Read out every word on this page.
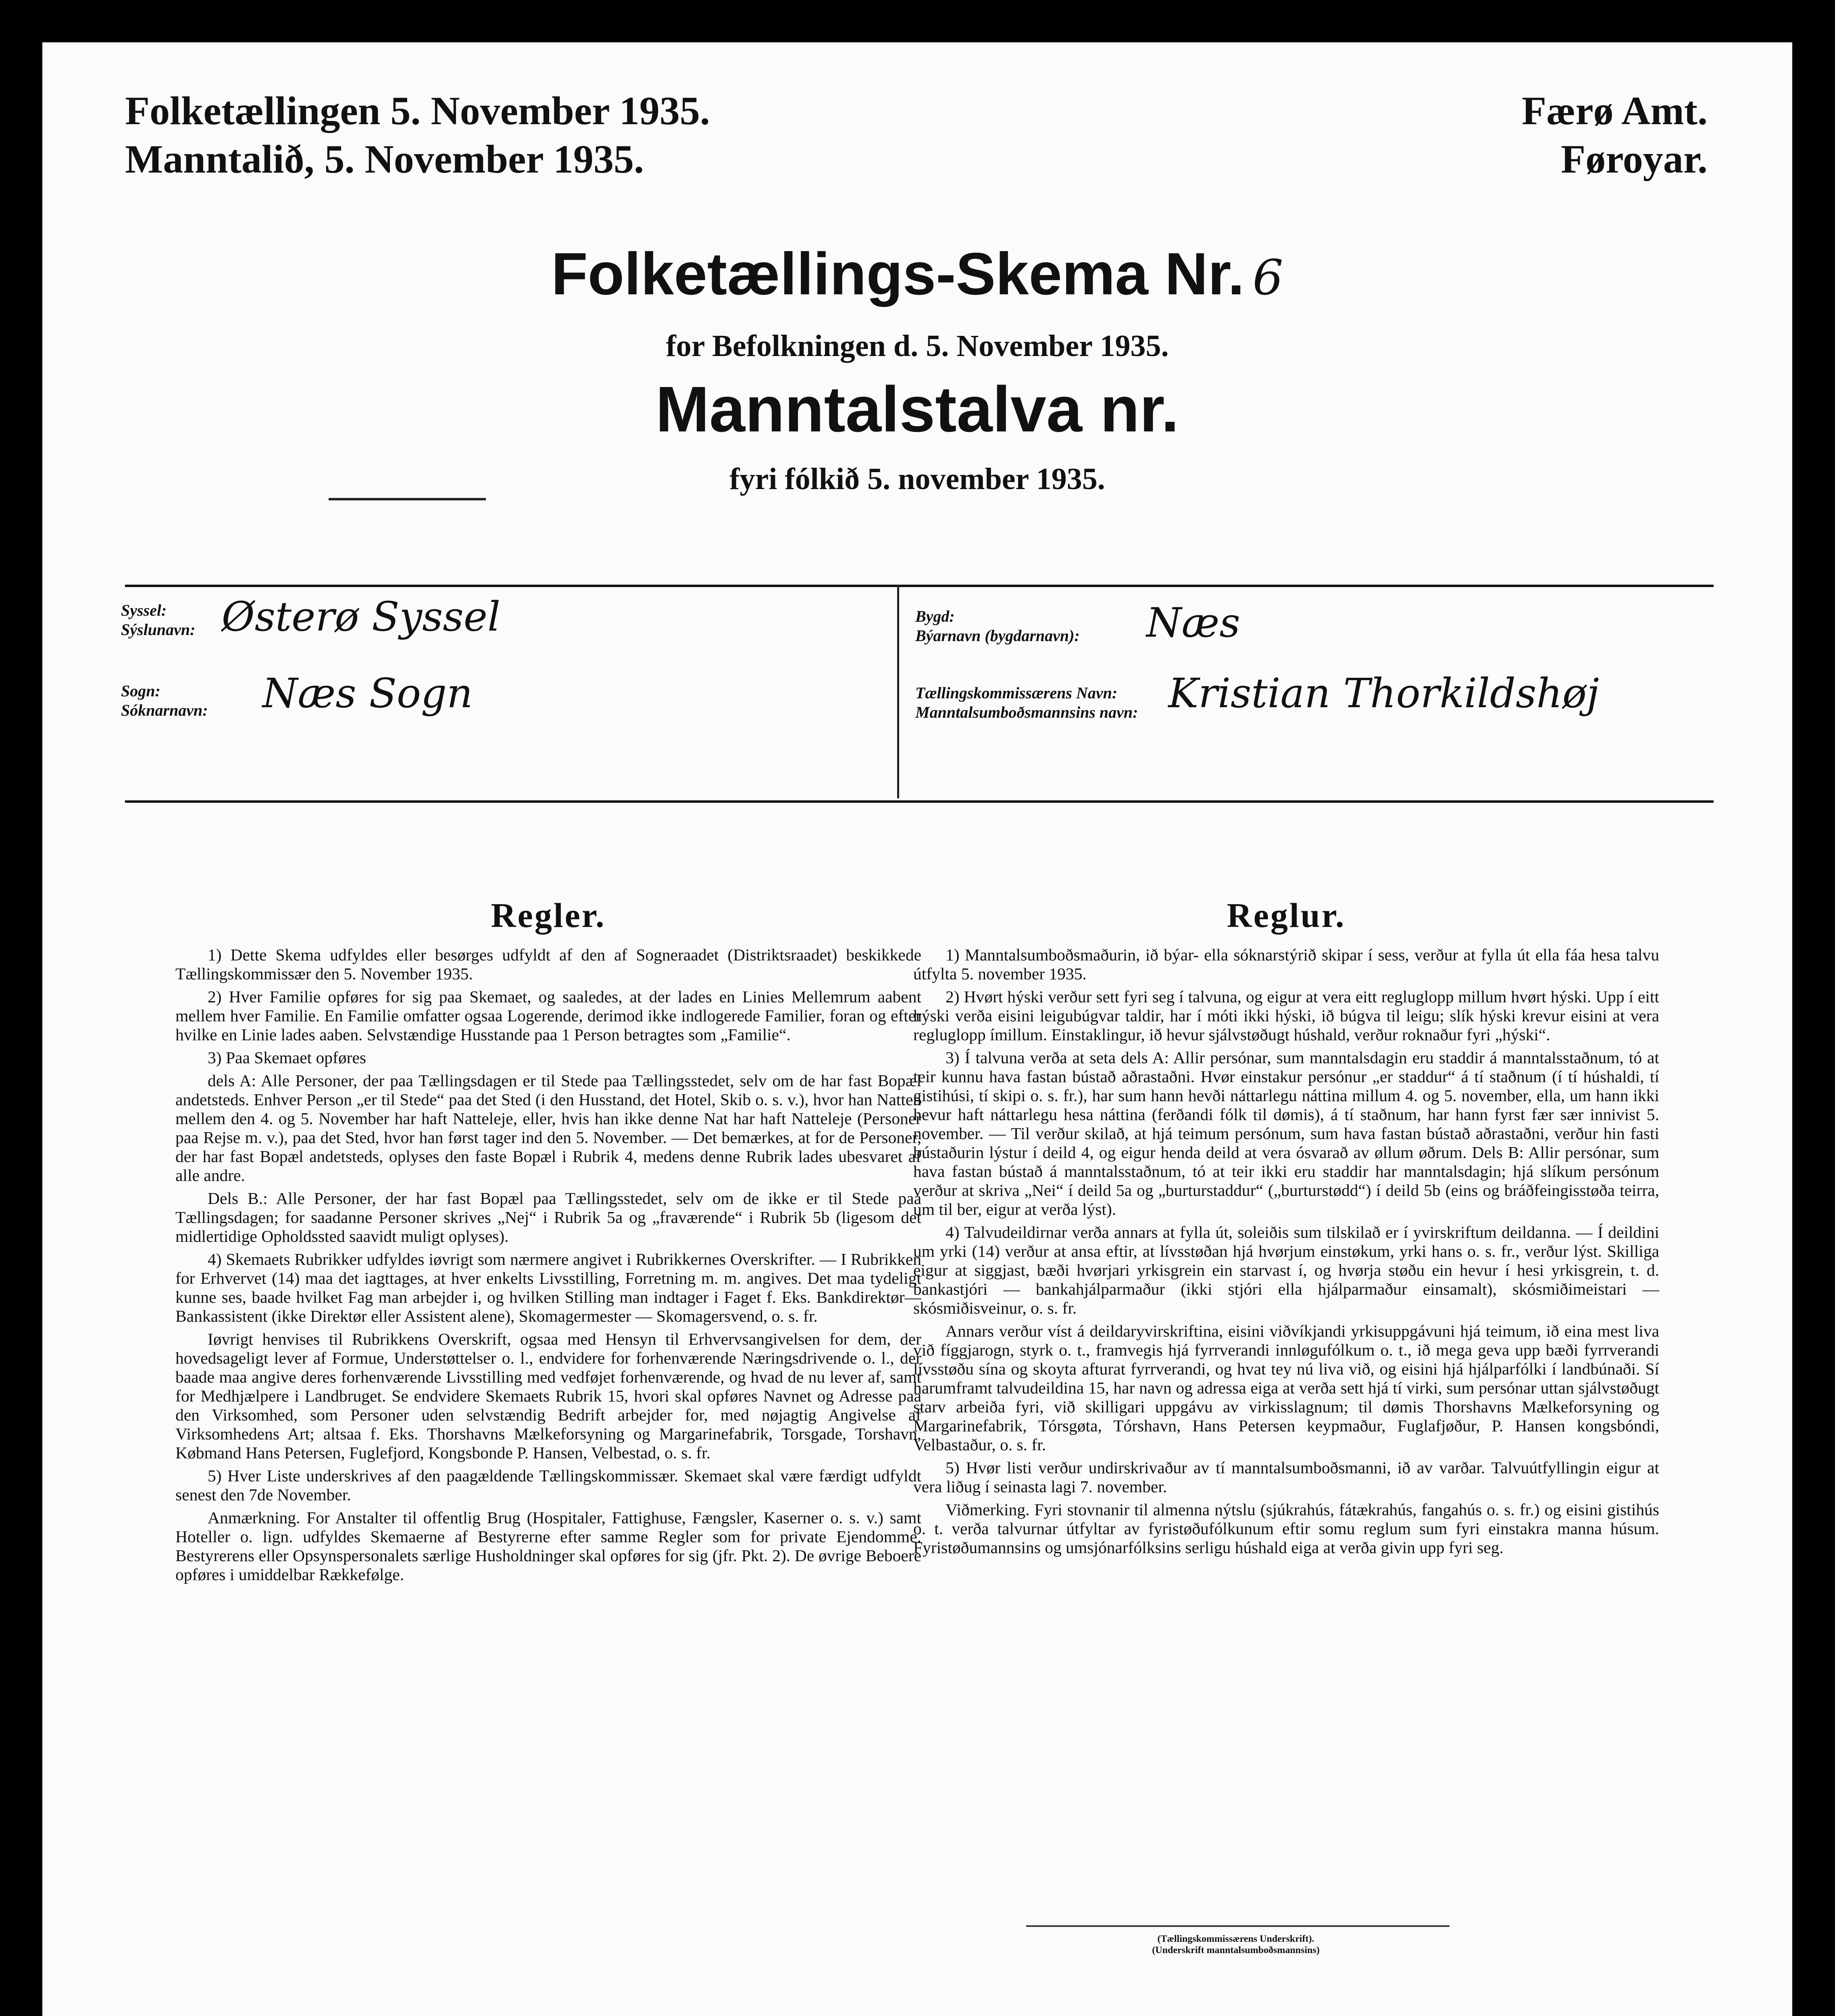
Folketællingen 5. November 1935.
Manntalið, 5. November 1935.
Færø Amt.
Føroyar.
Folketællings-Skema Nr. 6
for Befolkningen d. 5. November 1935.
Manntalstalva nr.
fyri fólkið 5. november 1935.
Syssel:
Sýslunavn: Østerø Syssel
Sogn:
Sóknarnavn: Næs Sogn
Bygd:
Býarnavn (bygdarnavn): Næs
Tællingskommissærens Navn:
Manntalsumboðsmannsins navn: Kristian Thorkildshøj
Regler.

1) Dette Skema udfyldes eller besørges udfyldt af den af Sogneraadet (Distriktsraadet) beskikkede Tællingskommissær den 5. November 1935.

2) Hver Familie opføres for sig paa Skemaet, og saaledes, at der lades en Linies Mellemrum aabent mellem hver Familie. En Familie omfatter ogsaa Logerende, derimod ikke indlogerede Familier, foran og efter hvilke en Linie lades aaben. Selvstændige Husstande paa 1 Person betragtes som „Familie“.

3) Paa Skemaet opføres

dels A: Alle Personer, der paa Tællingsdagen er til Stede paa Tællingsstedet, selv om de har fast Bopæl andetsteds. Enhver Person „er til Stede“ paa det Sted (i den Husstand, det Hotel, Skib o. s. v.), hvor han Natten mellem den 4. og 5. November har haft Natteleje, eller, hvis han ikke denne Nat har haft Natteleje (Personer paa Rejse m. v.), paa det Sted, hvor han først tager ind den 5. November. — Det bemærkes, at for de Personer, der har fast Bopæl andetsteds, oplyses den faste Bopæl i Rubrik 4, medens denne Rubrik lades ubesvaret af alle andre.

Dels B.: Alle Personer, der har fast Bopæl paa Tællingsstedet, selv om de ikke er til Stede paa Tællingsdagen; for saadanne Personer skrives „Nej“ i Rubrik 5a og „fraværende“ i Rubrik 5b (ligesom det midlertidige Opholdssted saavidt muligt oplyses).

4) Skemaets Rubrikker udfyldes iøvrigt som nærmere angivet i Rubrikkernes Overskrifter. — I Rubrikken for Erhvervet (14) maa det iagttages, at hver enkelts Livsstilling, Forretning m. m. angives. Det maa tydeligt kunne ses, baade hvilket Fag man arbejder i, og hvilken Stilling man indtager i Faget f. Eks. Bankdirektør—Bankassistent (ikke Direktør eller Assistent alene), Skomagermester — Skomagersvend, o. s. fr.

Iøvrigt henvises til Rubrikkens Overskrift, ogsaa med Hensyn til Erhvervsangivelsen for dem, der hovedsageligt lever af Formue, Understøttelser o. l., endvidere for forhenværende Næringsdrivende o. l., der baade maa angive deres forhenværende Livsstilling med vedføjet forhenværende, og hvad de nu lever af, samt for Medhjælpere i Landbruget. Se endvidere Skemaets Rubrik 15, hvori skal opføres Navnet og Adresse paa den Virksomhed, som Personer uden selvstændig Bedrift arbejder for, med nøjagtig Angivelse af Virksomhedens Art; altsaa f. Eks. Thorshavns Mælkeforsyning og Margarinefabrik, Torsgade, Torshavn, Købmand Hans Petersen, Fuglefjord, Kongsbonde P. Hansen, Velbestad, o. s. fr.

5) Hver Liste underskrives af den paagældende Tællingskommissær. Skemaet skal være færdigt udfyldt senest den 7de November.

Anmærkning. For Anstalter til offentlig Brug (Hospitaler, Fattighuse, Fængsler, Kaserner o. s. v.) samt Hoteller o. lign. udfyldes Skemaerne af Bestyrerne efter samme Regler som for private Ejendomme. Bestyrerens eller Opsynspersonalets særlige Husholdninger skal opføres for sig (jfr. Pkt. 2). De øvrige Beboere opføres i umiddelbar Rækkefølge.

Reglur.

1) Manntalsumboðsmaðurin, ið býar- ella sóknarstýrið skipar í sess, verður at fylla út ella fáa hesa talvu útfylta 5. november 1935.

2) Hvørt hýski verður sett fyri seg í talvuna, og eigur at vera eitt regluglopp millum hvørt hýski. Upp í eitt hýski verða eisini leigubúgvar taldir, har í móti ikki hýski, ið búgva til leigu; slík hýski krevur eisini at vera regluglopp ímillum. Einstaklingur, ið hevur sjálvstøðugt húshald, verður roknaður fyri „hýski“.

3) Í talvuna verða at seta dels A: Allir persónar, sum manntalsdagin eru staddir á manntalsstaðnum, tó at teir kunnu hava fastan bústað aðrastaðni. Hvør einstakur persónur „er staddur“ á tí staðnum (í tí húshaldi, tí gistihúsi, tí skipi o. s. fr.), har sum hann hevði náttarlegu náttina millum 4. og 5. november, ella, um hann ikki hevur haft náttarlegu hesa náttina (ferðandi fólk til dømis), á tí staðnum, har hann fyrst fær sær innivist 5. november. — Til verður skilað, at hjá teimum persónum, sum hava fastan bústað aðrastaðni, verður hin fasti bústaðurin lýstur í deild 4, og eigur henda deild at vera ósvarað av øllum øðrum. Dels B: Allir persónar, sum hava fastan bústað á manntalsstaðnum, tó at teir ikki eru staddir har manntalsdagin; hjá slíkum persónum verður at skriva „Nei“ í deild 5a og „burturstaddur“ („burturstødd“) í deild 5b (eins og bráðfeingisstøða teirra, um til ber, eigur at verða lýst).

4) Talvudeildirnar verða annars at fylla út, soleiðis sum tilskilað er í yvirskriftum deildanna. — Í deildini um yrki (14) verður at ansa eftir, at lívsstøðan hjá hvørjum einstøkum, yrki hans o. s. fr., verður lýst. Skilliga eigur at siggjast, bæði hvørjari yrkisgrein ein starvast í, og hvørja støðu ein hevur í hesi yrkisgrein, t. d. bankastjóri — bankahjálparmaður (ikki stjóri ella hjálparmaður einsamalt), skósmiðimeistari — skósmiðisveinur, o. s. fr.

Annars verður víst á deildaryvirskriftina, eisini viðvíkjandi yrkisuppgávuni hjá teimum, ið eina mest liva við fíggjarogn, styrk o. t., framvegis hjá fyrrverandi innløgufólkum o. t., ið mega geva upp bæði fyrrverandi lívsstøðu sína og skoyta afturat fyrrverandi, og hvat tey nú liva við, og eisini hjá hjálparfólki í landbúnaði. Sí harumframt talvudeildina 15, har navn og adressa eiga at verða sett hjá tí virki, sum persónar uttan sjálvstøðugt starv arbeiða fyri, við skilligari uppgávu av virkisslagnum; til dømis Thorshavns Mælkeforsyning og Margarinefabrik, Tórsgøta, Tórshavn, Hans Petersen keypmaður, Fuglafjøður, P. Hansen kongsbóndi, Velbastaður, o. s. fr.

5) Hvør listi verður undirskrivaður av tí manntalsumboðsmanni, ið av varðar. Talvuútfyllingin eigur at vera liðug í seinasta lagi 7. november.

Viðmerking. Fyri stovnanir til almenna nýtslu (sjúkrahús, fátækrahús, fangahús o. s. fr.) og eisini gistihús o. t. verða talvurnar útfyltar av fyristøðufólkunum eftir somu reglum sum fyri einstakra manna húsum. Fyristøðumannsins og umsjónarfólksins serligu húshald eiga at verða givin upp fyri seg.

(Tællingskommissærens Underskrift).
(Underskrift manntalsumboðsmannsins)
